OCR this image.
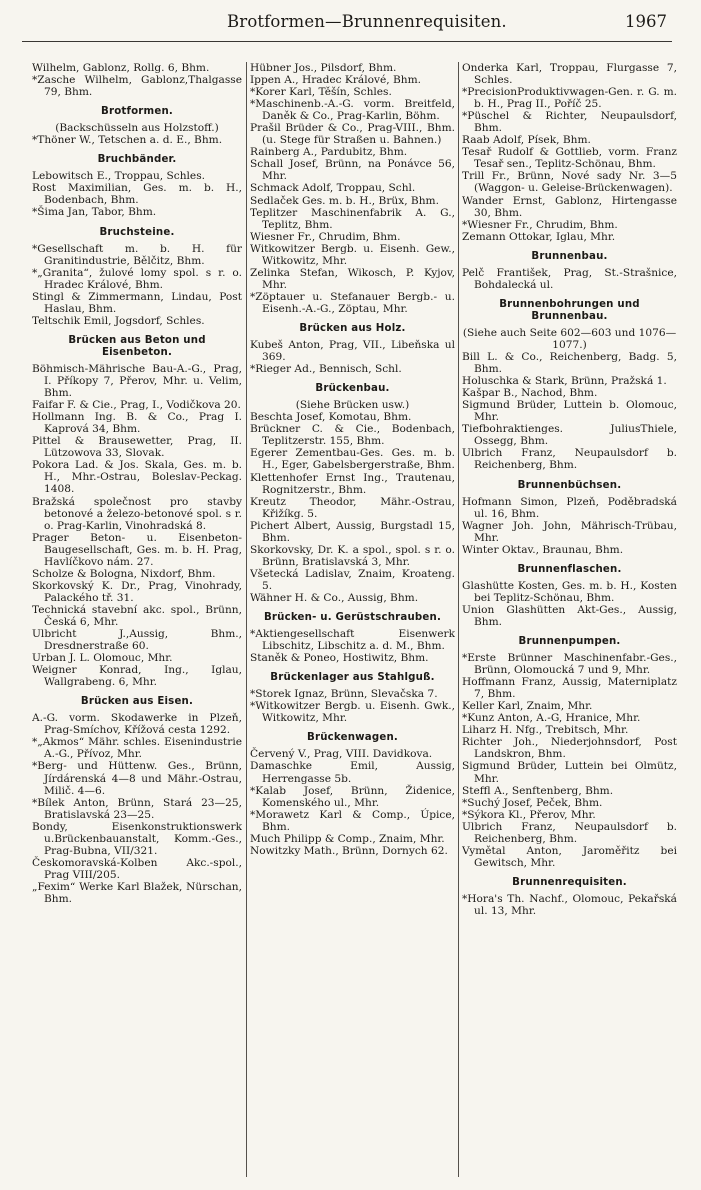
Brotformen—Brunnenrequisiten.	1967
Wilhelm, Gablonz, Rollg. 6, Bhm.
*Zasche Wilhelm, Gablonz,Thalgasse 79, Bhm.
Brotformen.
(Backschüsseln aus Holzstoff.)
*Thöner W., Tetschen a. d. E., Bhm.
Bruchbänder.
Lebowitsch E., Troppau, Schles.
Rost Maximilian, Ges. m. b. H., Bodenbach, Bhm.
*Šima Jan, Tabor, Bhm.
Bruchsteine.
*Gesellschaft m. b. H. für Granitindustrie, Bělčitz, Bhm.
*„Granita“, žulové lomy spol. s r. o. Hradec Králové, Bhm.
Stingl & Zimmermann, Lindau, Post Haslau, Bhm.
Teltschik Emil, Jogsdorf, Schles.
Brücken aus Beton und Eisenbeton.
Böhmisch-Mährische Bau-A.-G., Prag, I. Příkopy 7, Přerov, Mhr. u. Velim, Bhm.
Faifar F. & Cie., Prag, I., Vodičkova 20.
Hollmann Ing. B. & Co., Prag I. Kaprová 34, Bhm.
Pittel & Brausewetter, Prag, II. Lützowova 33, Slovak.
Pokora Lad. & Jos. Skala, Ges. m. b. H., Mhr.-Ostrau, Boleslav-Peckag. 1408.
Bražská společnost pro stavby betonové a železo-betonové spol. s r. o. Prag-Karlin, Vinohradská 8.
Prager Beton- u. Eisenbeton-Baugesellschaft, Ges. m. b. H. Prag, Havlíčkovo nám. 27.
Scholze & Bologna, Nixdorf, Bhm.
Skorkovský K. Dr., Prag, Vinohrady, Palackého tř. 31.
Technická stavební akc. spol., Brünn, Česká 6, Mhr.
Ulbricht J.,Aussig, Bhm., Dresdnerstraße 60.
Urban J. L. Olomouc, Mhr.
Weigner Konrad, Ing., Iglau, Wallgrabeng. 6, Mhr.
Brücken aus Eisen.
A.-G. vorm. Skodawerke in Plzeň, Prag-Smíchov, Křížová cesta 1292.
*„Akmos“ Mähr. schles. Eisenindustrie A.-G., Přívoz, Mhr.
*Berg- und Hüttenw. Ges., Brünn, Jírdárenská 4—8 und Mähr.-Ostrau, Milič. 4—6.
*Bílek Anton, Brünn, Stará 23—25, Bratislavská 23—25.
Bondy, Eisenkonstruktionswerk u.Brückenbauanstalt, Komm.-Ges., Prag-Bubna, VII/321.
Českomoravská-Kolben Akc.-spol., Prag VIII/205.
„Fexim“ Werke Karl Blažek, Nürschan, Bhm.
Hübner Jos., Pilsdorf, Bhm.
Ippen A., Hradec Králové, Bhm.
*Korer Karl, Těšín, Schles.
*Maschinenb.-A.-G. vorm. Breitfeld, Daněk & Co., Prag-Karlin, Böhm.
Prašil Brüder & Co., Prag-VIII., Bhm. (u. Stege für Straßen u. Bahnen.)
Rainberg A., Pardubitz, Bhm.
Schall Josef, Brünn, na Ponávce 56, Mhr.
Schmack Adolf, Troppau, Schl.
Sedlaček Ges. m. b. H., Brüx, Bhm.
Teplitzer Maschinenfabrik A. G., Teplitz, Bhm.
Wiesner Fr., Chrudim, Bhm.
Witkowitzer Bergb. u. Eisenh. Gew., Witkowitz, Mhr.
Zelinka Stefan, Wikosch, P. Kyjov, Mhr.
*Zöptauer u. Stefanauer Bergb.- u. Eisenh.-A.-G., Zöptau, Mhr.
Brücken aus Holz.
Kubeš Anton, Prag, VII., Libeňska ul 369.
*Rieger Ad., Bennisch, Schl.
Brückenbau.
(Siehe Brücken usw.)
Beschta Josef, Komotau, Bhm.
Brückner C. & Cie., Bodenbach, Teplitzerstr. 155, Bhm.
Egerer Zementbau-Ges. Ges. m. b. H., Eger, Gabelsbergerstraße, Bhm.
Klettenhofer Ernst Ing., Trautenau, Rognitzerstr., Bhm.
Kreutz Theodor, Mähr.-Ostrau, Křižíkg. 5.
Pichert Albert, Aussig, Burgstadl 15, Bhm.
Skorkovsky, Dr. K. a spol., spol. s r. o. Brünn, Bratislavská 3, Mhr.
Všetecká Ladislav, Znaim, Kroateng. 5.
Wähner H. & Co., Aussig, Bhm.
Brücken- u. Gerüstschrauben.
*Aktiengesellschaft Eisenwerk Libschitz, Libschitz a. d. M., Bhm.
Staněk & Poneo, Hostiwitz, Bhm.
Brückenlager aus Stahlguß.
*Storek Ignaz, Brünn, Slevačska 7.
*Witkowitzer Bergb. u. Eisenh. Gwk., Witkowitz, Mhr.
Brückenwagen.
Červený V., Prag, VIII. Davidkova.
Damaschke Emil, Aussig, Herrengasse 5b.
*Kalab Josef, Brünn, Židenice, Komenského ul., Mhr.
*Morawetz Karl & Comp., Úpice, Bhm.
Much Philipp & Comp., Znaim, Mhr.
Nowitzky Math., Brünn, Dornych 62.
Onderka Karl, Troppau, Flurgasse 7, Schles.
*PrecisionProduktivwagen-Gen. r. G. m. b. H., Prag II., Poříč 25.
*Püschel & Richter, Neupaulsdorf, Bhm.
Raab Adolf, Písek, Bhm.
Tesař Rudolf & Gottlieb, vorm. Franz Tesař sen., Teplitz-Schönau, Bhm.
Trill Fr., Brünn, Nové sady Nr. 3—5 (Waggon- u. Geleise-Brückenwagen).
Wander Ernst, Gablonz, Hirtengasse 30, Bhm.
*Wiesner Fr., Chrudim, Bhm.
Zemann Ottokar, Iglau, Mhr.
Brunnenbau.
Pelč František, Prag, St.-Strašnice, Bohdalecká ul.
Brunnenbohrungen und Brunnenbau.
(Siehe auch Seite 602—603 und 1076—1077.)
Bill L. & Co., Reichenberg, Badg. 5, Bhm.
Holuschka & Stark, Brünn, Pražská 1.
Kašpar B., Nachod, Bhm.
Sigmund Brüder, Luttein b. Olomouc, Mhr.
Tiefbohraktienges. JuliusThiele, Ossegg, Bhm.
Ulbrich Franz, Neupaulsdorf b. Reichenberg, Bhm.
Brunnenbüchsen.
Hofmann Simon, Plzeň, Poděbradská ul. 16, Bhm.
Wagner Joh. John, Mährisch-Trübau, Mhr.
Winter Oktav., Braunau, Bhm.
Brunnenflaschen.
Glashütte Kosten, Ges. m. b. H., Kosten bei Teplitz-Schönau, Bhm.
Union Glashütten Akt-Ges., Aussig, Bhm.
Brunnenpumpen.
*Erste Brünner Maschinenfabr.-Ges., Brünn, Olomoucká 7 und 9, Mhr.
Hoffmann Franz, Aussig, Materniplatz 7, Bhm.
Keller Karl, Znaim, Mhr.
*Kunz Anton, A.-G, Hranice, Mhr.
Liharz H. Nfg., Trebitsch, Mhr.
Richter Joh., Niederjohnsdorf, Post Landskron, Bhm.
Sigmund Brüder, Luttein bei Olmütz, Mhr.
Steffl A., Senftenberg, Bhm.
*Suchý Josef, Peček, Bhm.
*Sýkora Kl., Přerov, Mhr.
Ulbrich Franz, Neupaulsdorf b. Reichenberg, Bhm.
Vymětal Anton, Jaroměřitz bei Gewitsch, Mhr.
Brunnenrequisiten.
*Hora's Th. Nachf., Olomouc, Pekařská ul. 13, Mhr.
